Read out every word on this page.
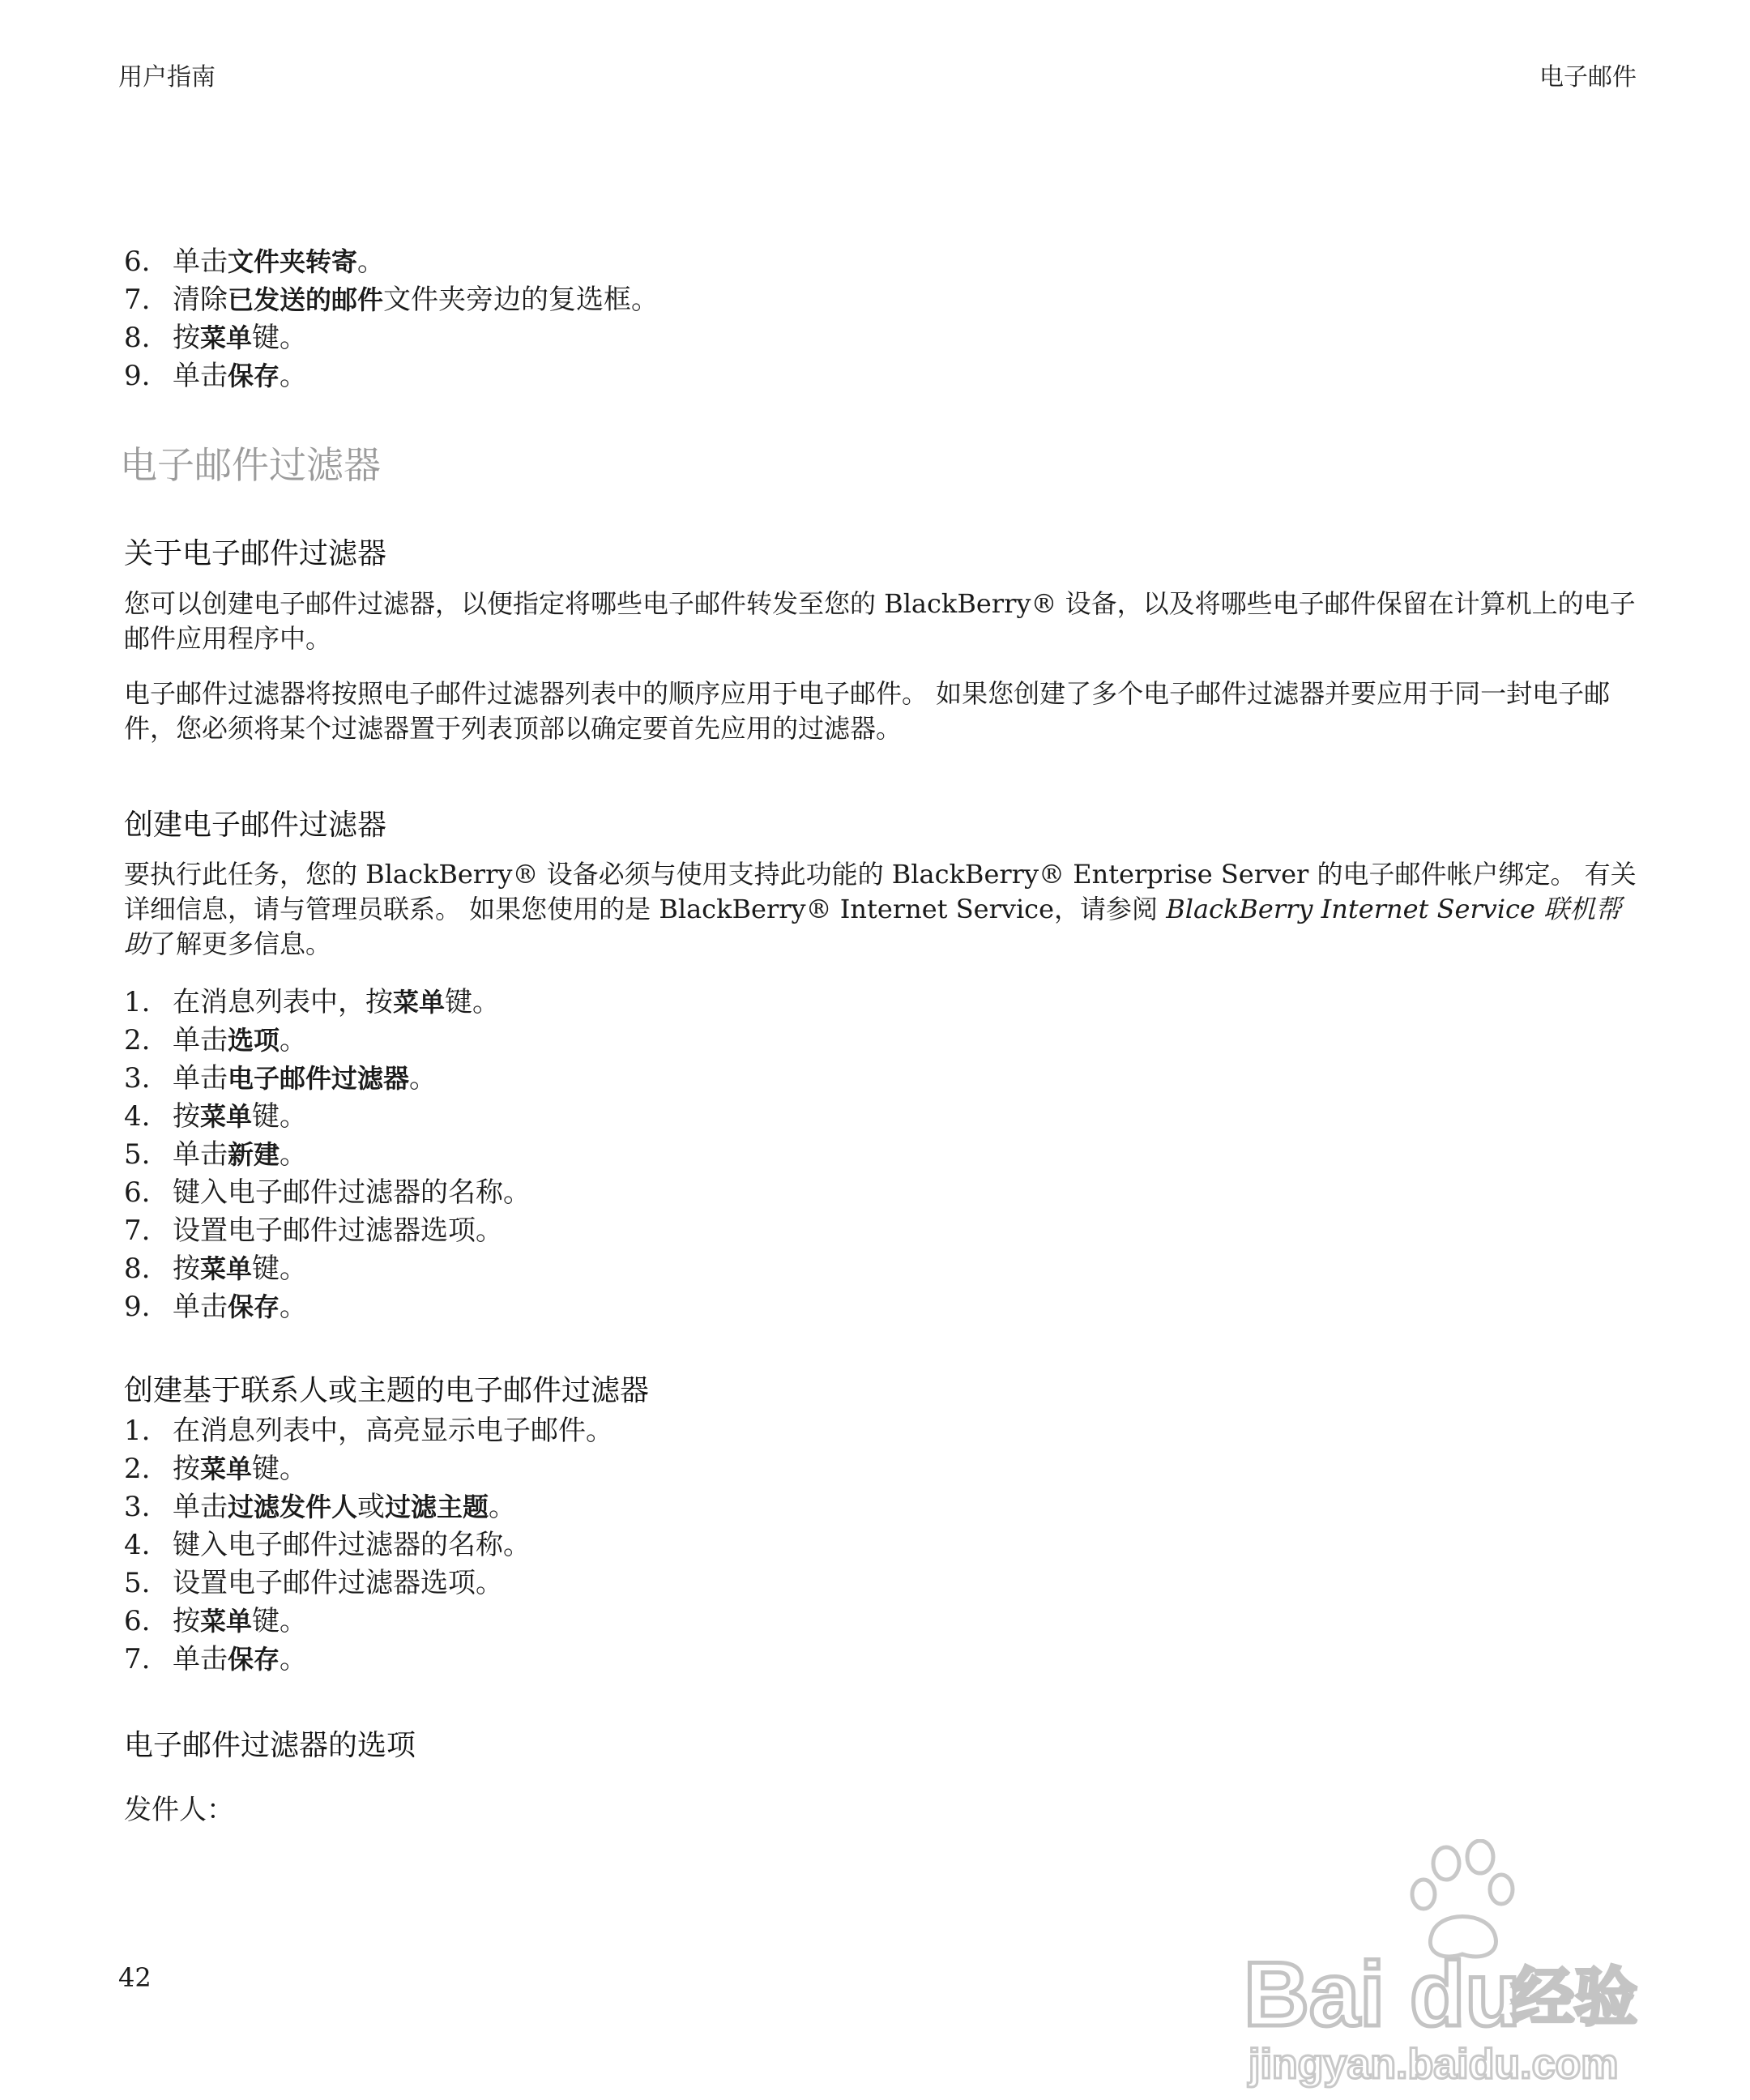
用户指南	电子邮件
6. 单击文件夹转寄。
7. 清除已发送的邮件文件夹旁边的复选框。
8. 按菜单键。
9. 单击保存。
电子邮件过滤器
关于电子邮件过滤器

您可以创建电子邮件过滤器，以便指定将哪些电子邮件转发至您的 BlackBerry® 设备，以及将哪些电子邮件保留在计算机上的电子邮件应用程序中。

电子邮件过滤器将按照电子邮件过滤器列表中的顺序应用于电子邮件。 如果您创建了多个电子邮件过滤器并要应用于同一封电子邮件，您必须将某个过滤器置于列表顶部以确定要首先应用的过滤器。

创建电子邮件过滤器

要执行此任务，您的 BlackBerry® 设备必须与使用支持此功能的 BlackBerry® Enterprise Server 的电子邮件帐户绑定。 有关详细信息，请与管理员联系。 如果您使用的是 BlackBerry® Internet Service，请参阅 BlackBerry Internet Service 联机帮助了解更多信息。

1. 在消息列表中，按菜单键。
2. 单击选项。
3. 单击电子邮件过滤器。
4. 按菜单键。
5. 单击新建。
6. 键入电子邮件过滤器的名称。
7. 设置电子邮件过滤器选项。
8. 按菜单键。
9. 单击保存。
创建基于联系人或主题的电子邮件过滤器
1. 在消息列表中，高亮显示电子邮件。
2. 按菜单键。
3. 单击过滤发件人或过滤主题。
4. 键入电子邮件过滤器的名称。
5. 设置电子邮件过滤器选项。
6. 按菜单键。
7. 单击保存。
电子邮件过滤器的选项
发件人：
42	Bai du
经验
jingyan.baidu.com
